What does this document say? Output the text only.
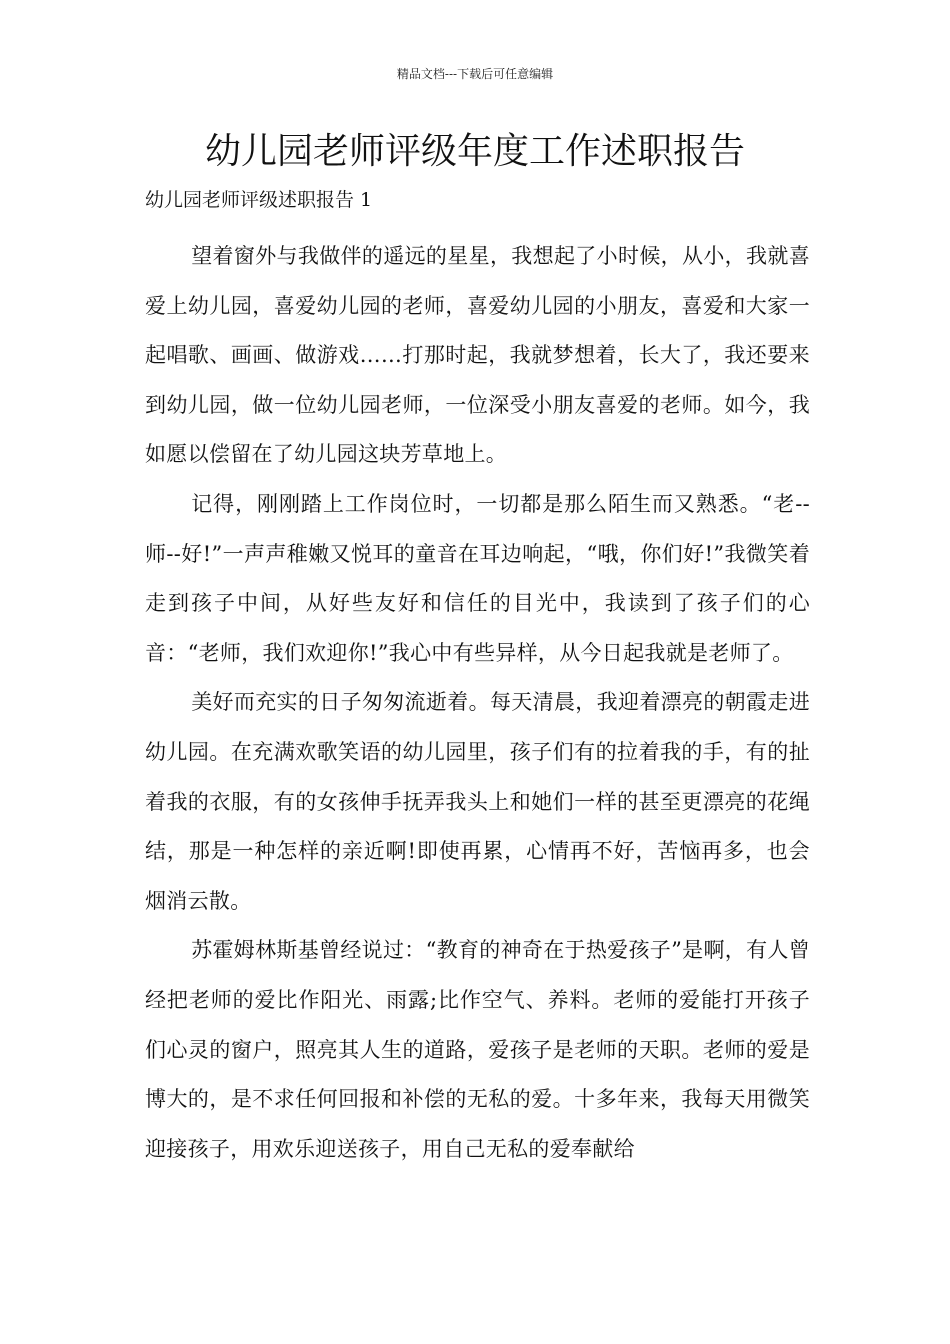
精品文档---下载后可任意编辑
幼儿园老师评级年度工作述职报告

幼儿园老师评级述职报告 1

望着窗外与我做伴的遥远的星星，我想起了小时候，从小，我就喜爱上幼儿园，喜爱幼儿园的老师，喜爱幼儿园的小朋友，喜爱和大家一起唱歌、画画、做游戏……打那时起，我就梦想着，长大了，我还要来到幼儿园，做一位幼儿园老师，一位深受小朋友喜爱的老师。如今，我如愿以偿留在了幼儿园这块芳草地上。

记得，刚刚踏上工作岗位时，一切都是那么陌生而又熟悉。“老--师--好!”一声声稚嫩又悦耳的童音在耳边响起，“哦，你们好!”我微笑着走到孩子中间，从好些友好和信任的目光中，我读到了孩子们的心音：“老师，我们欢迎你!”我心中有些异样，从今日起我就是老师了。

美好而充实的日子匆匆流逝着。每天清晨，我迎着漂亮的朝霞走进幼儿园。在充满欢歌笑语的幼儿园里，孩子们有的拉着我的手，有的扯着我的衣服，有的女孩伸手抚弄我头上和她们一样的甚至更漂亮的花绳结，那是一种怎样的亲近啊!即使再累，心情再不好，苦恼再多，也会烟消云散。

苏霍姆林斯基曾经说过：“教育的神奇在于热爱孩子”是啊，有人曾经把老师的爱比作阳光、雨露;比作空气、养料。老师的爱能打开孩子们心灵的窗户，照亮其人生的道路，爱孩子是老师的天职。老师的爱是博大的，是不求任何回报和补偿的无私的爱。十多年来，我每天用微笑迎接孩子，用欢乐迎送孩子，用自己无私的爱奉献给
